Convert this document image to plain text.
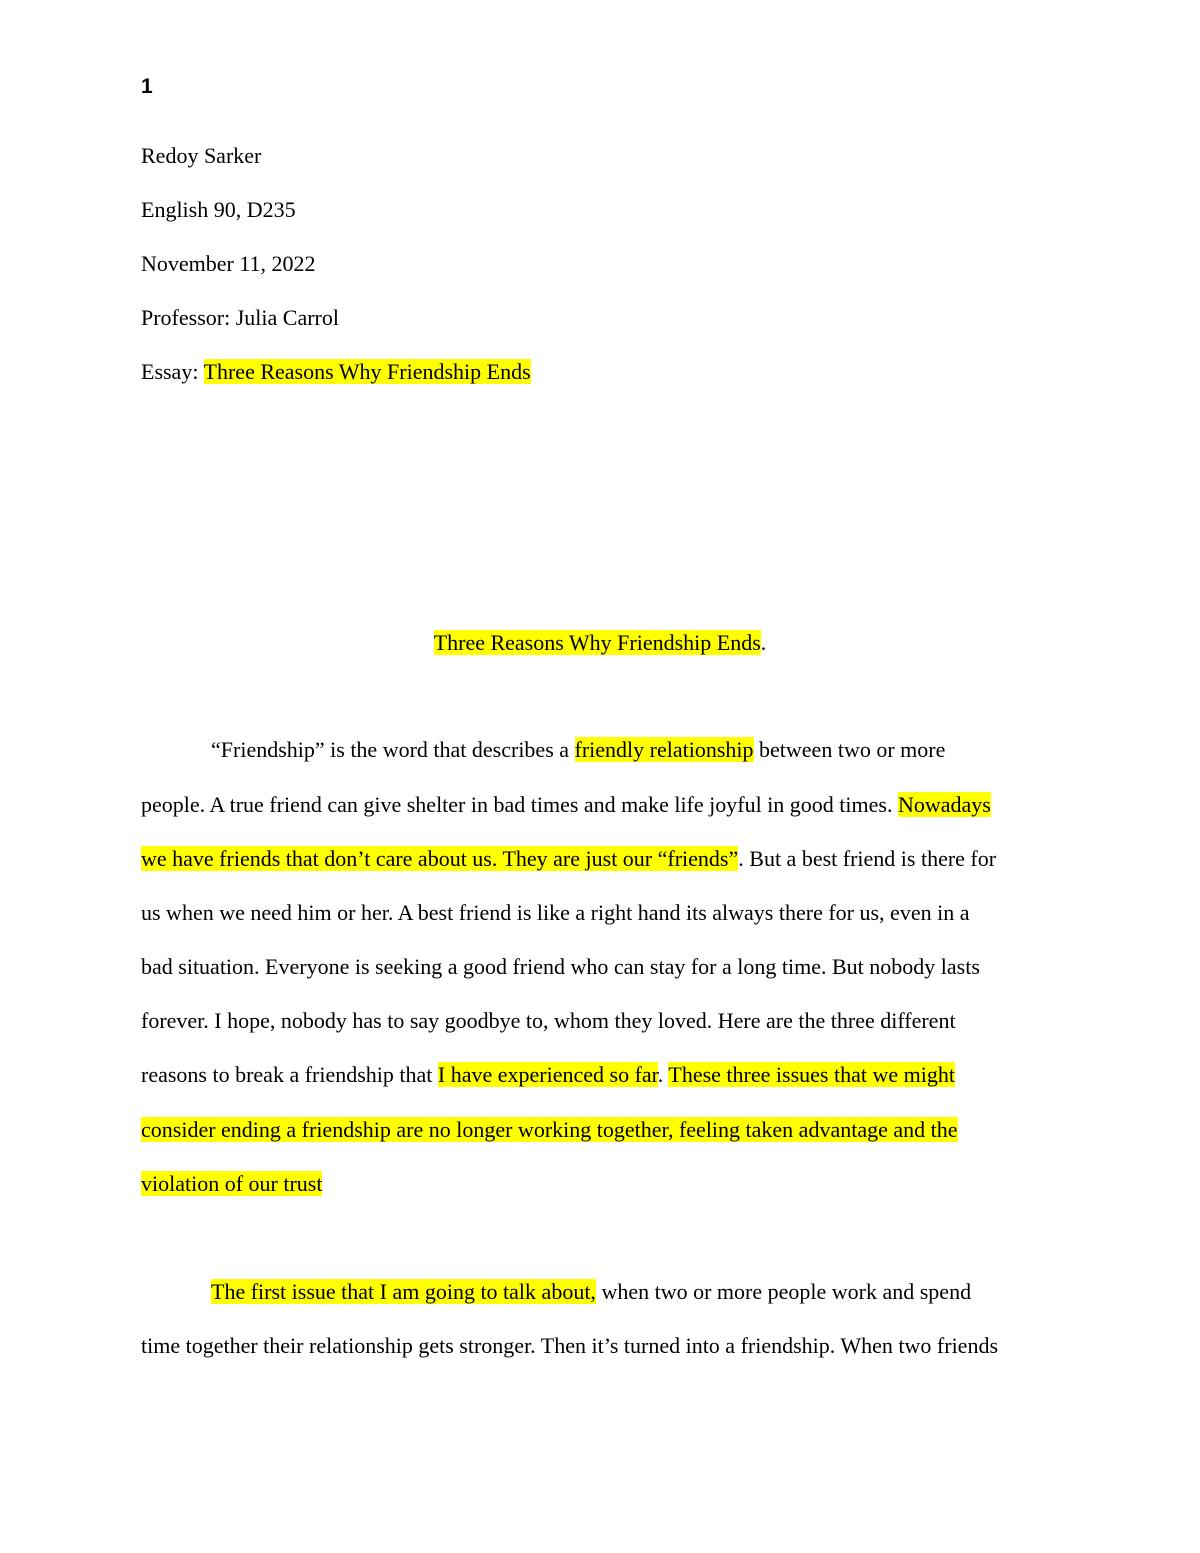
1
Redoy Sarker
English 90, D235
November 11, 2022
Professor: Julia Carrol
Essay: Three Reasons Why Friendship Ends
Three Reasons Why Friendship Ends.
“Friendship” is the word that describes a friendly relationship between two or more
people. A true friend can give shelter in bad times and make life joyful in good times. Nowadays
we have friends that don’t care about us. They are just our “friends”. But a best friend is there for
us when we need him or her. A best friend is like a right hand its always there for us, even in a
bad situation. Everyone is seeking a good friend who can stay for a long time. But nobody lasts
forever. I hope, nobody has to say goodbye to, whom they loved. Here are the three different
reasons to break a friendship that I have experienced so far. These three issues that we might
consider ending a friendship are no longer working together, feeling taken advantage and the
violation of our trust
The first issue that I am going to talk about, when two or more people work and spend
time together their relationship gets stronger. Then it’s turned into a friendship. When two friends
